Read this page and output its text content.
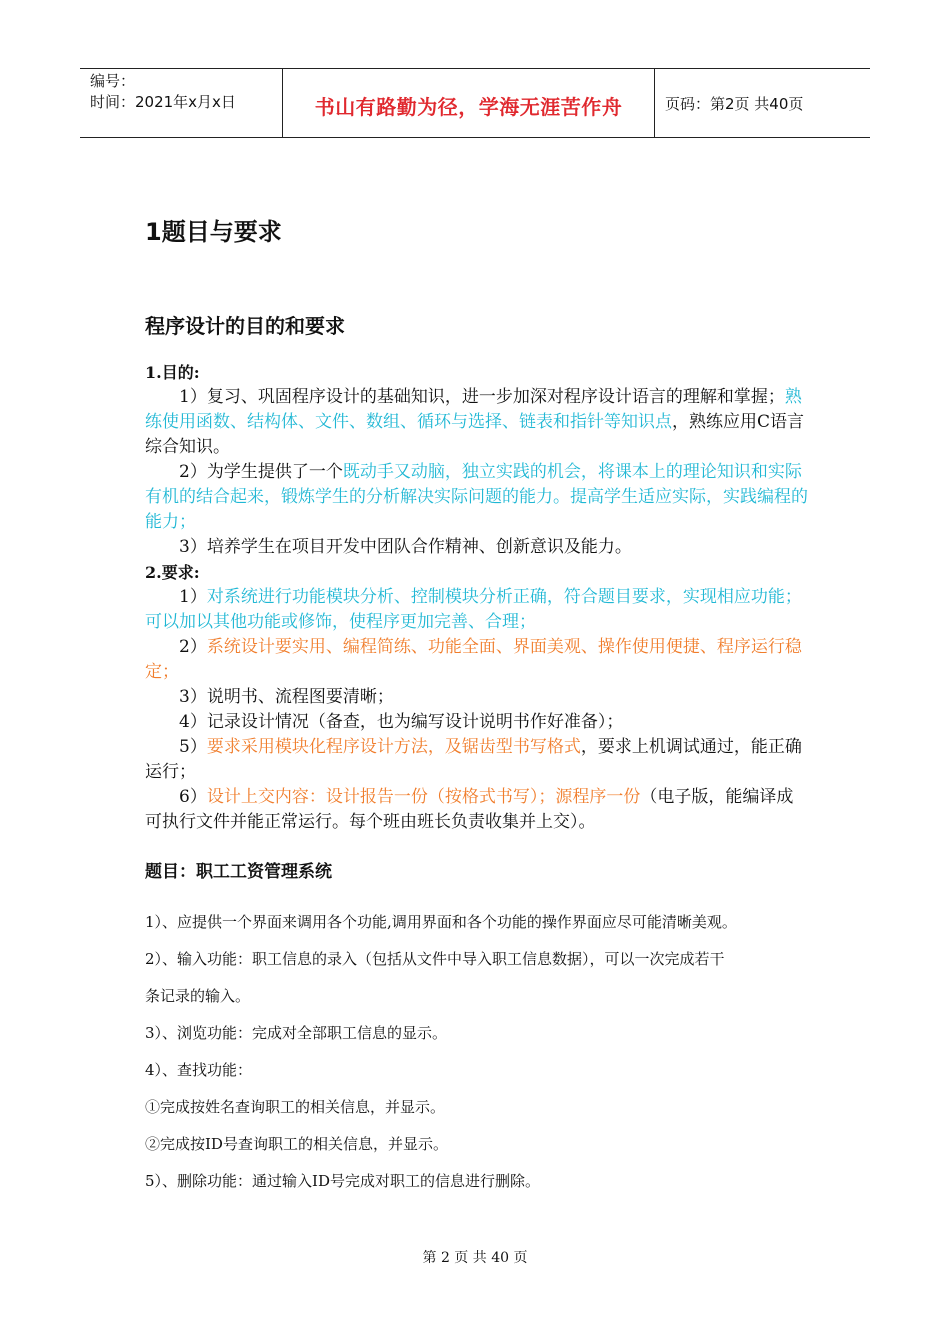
编号：
时间：2021年x月x日	书山有路勤为径，学海无涯苦作舟	页码：第2页 共40页
1题目与要求
程序设计的目的和要求

1.目的:

1）复习、巩固程序设计的基础知识，进一步加深对程序设计语言的理解和掌握；熟练使用函数、结构体、文件、数组、循环与选择、链表和指针等知识点，熟练应用C语言综合知识。

2）为学生提供了一个既动手又动脑，独立实践的机会，将课本上的理论知识和实际有机的结合起来，锻炼学生的分析解决实际问题的能力。提高学生适应实际，实践编程的能力；

3）培养学生在项目开发中团队合作精神、创新意识及能力。

2.要求:

1）对系统进行功能模块分析、控制模块分析正确，符合题目要求，实现相应功能；可以加以其他功能或修饰，使程序更加完善、合理；

2）系统设计要实用、编程简练、功能全面、界面美观、操作使用便捷、程序运行稳定；

3）说明书、流程图要清晰；

4）记录设计情况（备查，也为编写设计说明书作好准备）；

5）要求采用模块化程序设计方法，及锯齿型书写格式，要求上机调试通过，能正确运行；

6）设计上交内容：设计报告一份（按格式书写）；源程序一份（电子版，能编译成可执行文件并能正常运行。每个班由班长负责收集并上交）。

题目：职工工资管理系统

1）、应提供一个界面来调用各个功能,调用界面和各个功能的操作界面应尽可能清晰美观。

2）、输入功能：职工信息的录入（包括从文件中导入职工信息数据），可以一次完成若干

条记录的输入。

3）、浏览功能：完成对全部职工信息的显示。

4）、查找功能：

①完成按姓名查询职工的相关信息，并显示。

②完成按ID号查询职工的相关信息，并显示。

5）、删除功能：通过输入ID号完成对职工的信息进行删除。

第 2 页 共 40 页
